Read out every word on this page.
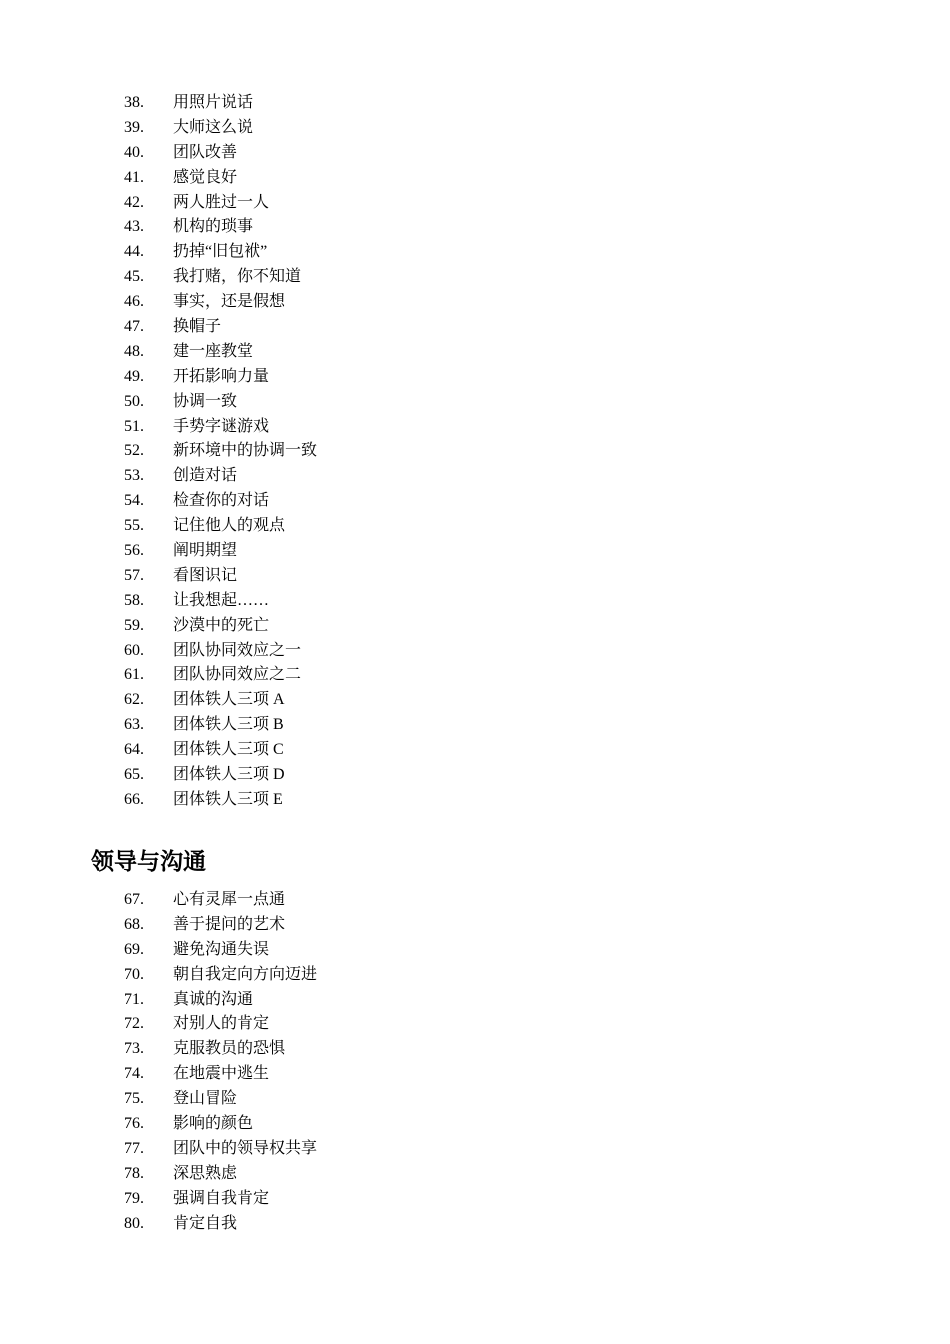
38. 用照片说话
39. 大师这么说
40. 团队改善
41. 感觉良好
42. 两人胜过一人
43. 机构的琐事
44. 扔掉“旧包袱”
45. 我打赌，你不知道
46. 事实，还是假想
47. 换帽子
48. 建一座教堂
49. 开拓影响力量
50. 协调一致
51. 手势字谜游戏
52. 新环境中的协调一致
53. 创造对话
54. 检查你的对话
55. 记住他人的观点
56. 阐明期望
57. 看图识记
58. 让我想起……
59. 沙漠中的死亡
60. 团队协同效应之一
61. 团队协同效应之二
62. 团体铁人三项 A
63. 团体铁人三项 B
64. 团体铁人三项 C
65. 团体铁人三项 D
66. 团体铁人三项 E
领导与沟通
67. 心有灵犀一点通
68. 善于提问的艺术
69. 避免沟通失误
70. 朝自我定向方向迈进
71. 真诚的沟通
72. 对别人的肯定
73. 克服教员的恐惧
74. 在地震中逃生
75. 登山冒险
76. 影响的颜色
77. 团队中的领导权共享
78. 深思熟虑
79. 强调自我肯定
80. 肯定自我
